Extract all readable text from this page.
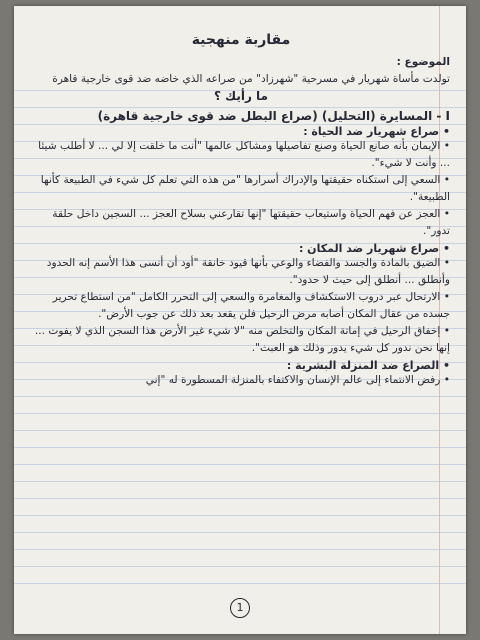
مقاربة منهجية

الموضوع :

تولدت مأساة شهريار في مسرحية "شهرزاد" من صراعه الذي خاضه ضد قوى خارجية قاهرة

ما رأيك ؟

I - المسايرة (التحليل) (صراع البطل ضد قوى خارجية قاهرة)
• صراع شهريار ضد الحياة :

• الإيمان بأنه صانع الحياة وصنع تفاصيلها ومشاكل عالمها "أنت ما خلقت إلا لي ... لا أطلب شيئا ... وأنت لا شيء".

• السعي إلى استكناه حقيقتها والإدراك أسرارها "من هذه التي تعلم كل شيء في الطبيعة كأنها الطبيعة".

• العجز عن فهم الحياة واستيعاب حقيقتها "إنها تقارعني بسلاح العجز ... السجين داخل حلقة تدور".

• صراع شهريار ضد المكان :

• الضيق بالمادة والجسد والفضاء والوعي بأنها قيود خانقة "أود أن أنسى هذا الأسم إنه الحدود وأنطلق ... أنطلق إلى حيث لا حدود".

• الارتحال عبر دروب الاستكشاف والمغامرة والسعي إلى التحرر الكامل "من استطاع تحرير جسده من عقال المكان أصابه مرض الرحيل فلن يقعد بعد ذلك عن جوب الأرض".

• إخفاق الرحيل في إماتة المكان والتخلص منه "لا شيء غير الأرض هذا السجن الذي لا يفوت ... إنها نحن ندور كل شيء يدور وذلك هو العبث".

• الصراع ضد المنزلة البشرية :

• رفض الانتماء إلى عالم الإنسان والاكتفاء بالمنزلة المسطورة له "إني

1
